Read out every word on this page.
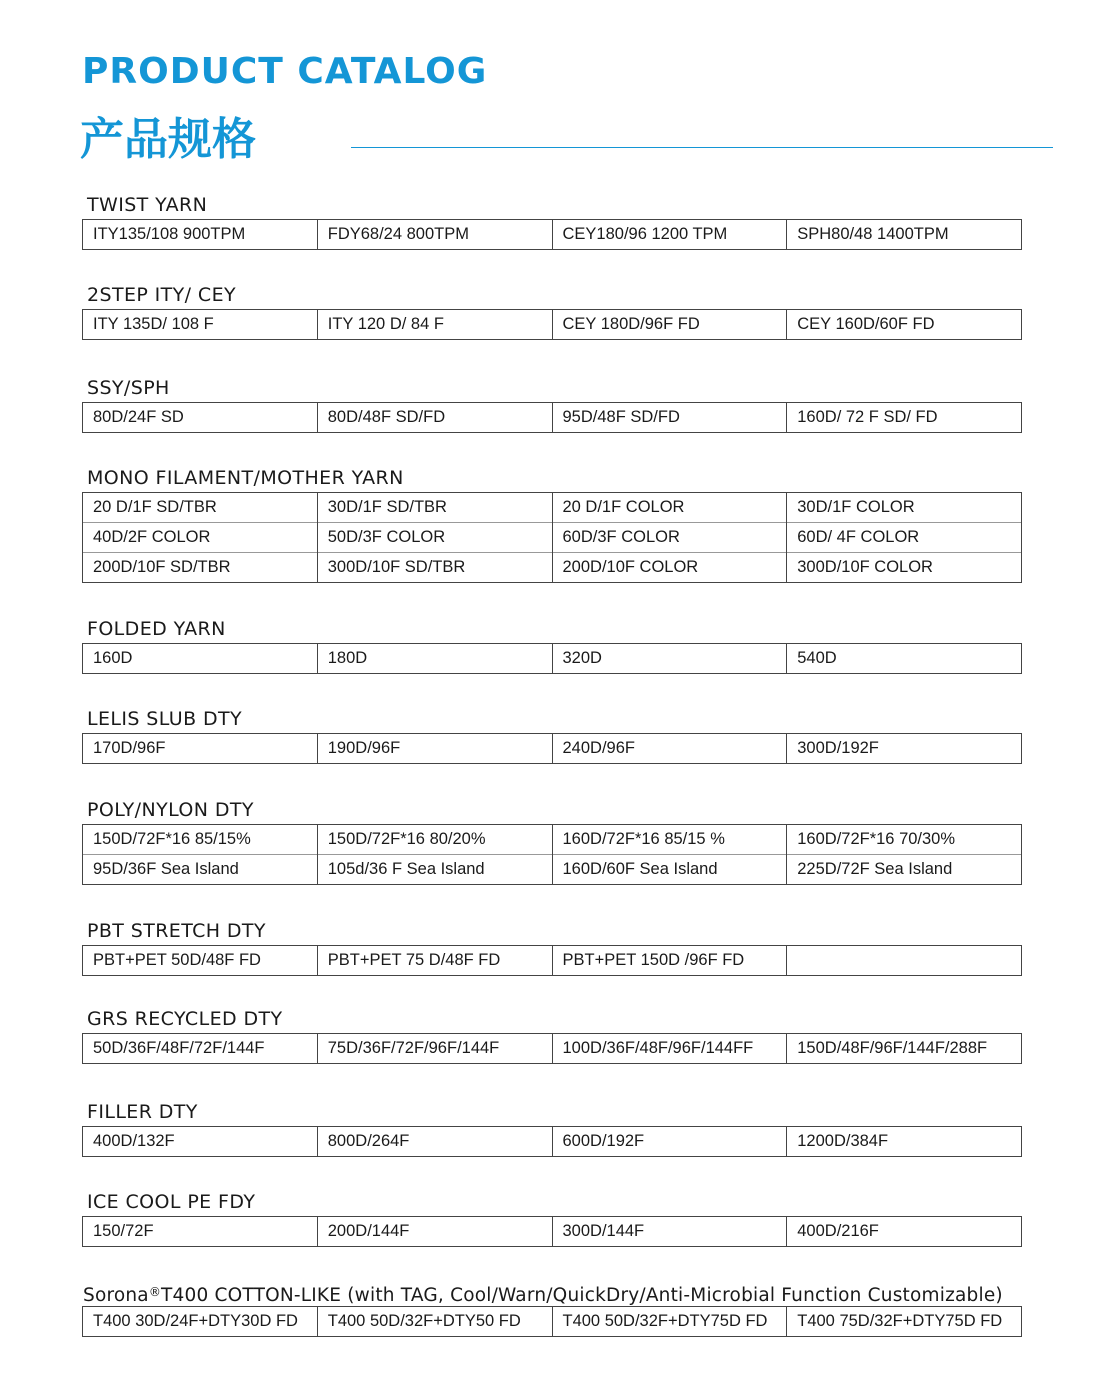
PRODUCT CATALOG
产品规格
TWIST YARN
ITY135/108 900TPM	FDY68/24 800TPM	CEY180/96 1200 TPM	SPH80/48 1400TPM
2STEP ITY/ CEY
ITY 135D/ 108 F	ITY 120 D/ 84 F	CEY 180D/96F FD	CEY 160D/60F FD
SSY/SPH
80D/24F SD	80D/48F SD/FD	95D/48F SD/FD	160D/ 72 F SD/ FD
MONO FILAMENT/MOTHER YARN
20 D/1F SD/TBR	30D/1F SD/TBR	20 D/1F COLOR	30D/1F COLOR
40D/2F COLOR	50D/3F COLOR	60D/3F COLOR	60D/ 4F COLOR
200D/10F SD/TBR	300D/10F SD/TBR	200D/10F COLOR	300D/10F COLOR
FOLDED YARN
160D	180D	320D	540D
LELIS SLUB DTY
170D/96F	190D/96F	240D/96F	300D/192F
POLY/NYLON DTY
150D/72F*16 85/15%	150D/72F*16 80/20%	160D/72F*16 85/15 %	160D/72F*16 70/30%
95D/36F Sea Island	105d/36 F Sea Island	160D/60F Sea Island	225D/72F Sea Island
PBT STRETCH DTY
PBT+PET 50D/48F FD	PBT+PET 75 D/48F FD	PBT+PET 150D /96F FD	
GRS RECYCLED DTY
50D/36F/48F/72F/144F	75D/36F/72F/96F/144F	100D/36F/48F/96F/144FF	150D/48F/96F/144F/288F
FILLER DTY
400D/132F	800D/264F	600D/192F	1200D/384F
ICE COOL PE FDY
150/72F	200D/144F	300D/144F	400D/216F
Sorona®T400 COTTON-LIKE (with TAG, Cool/Warn/QuickDry/Anti-Microbial Function Customizable)
T400 30D/24F+DTY30D FD	T400 50D/32F+DTY50 FD	T400 50D/32F+DTY75D FD	T400 75D/32F+DTY75D FD
